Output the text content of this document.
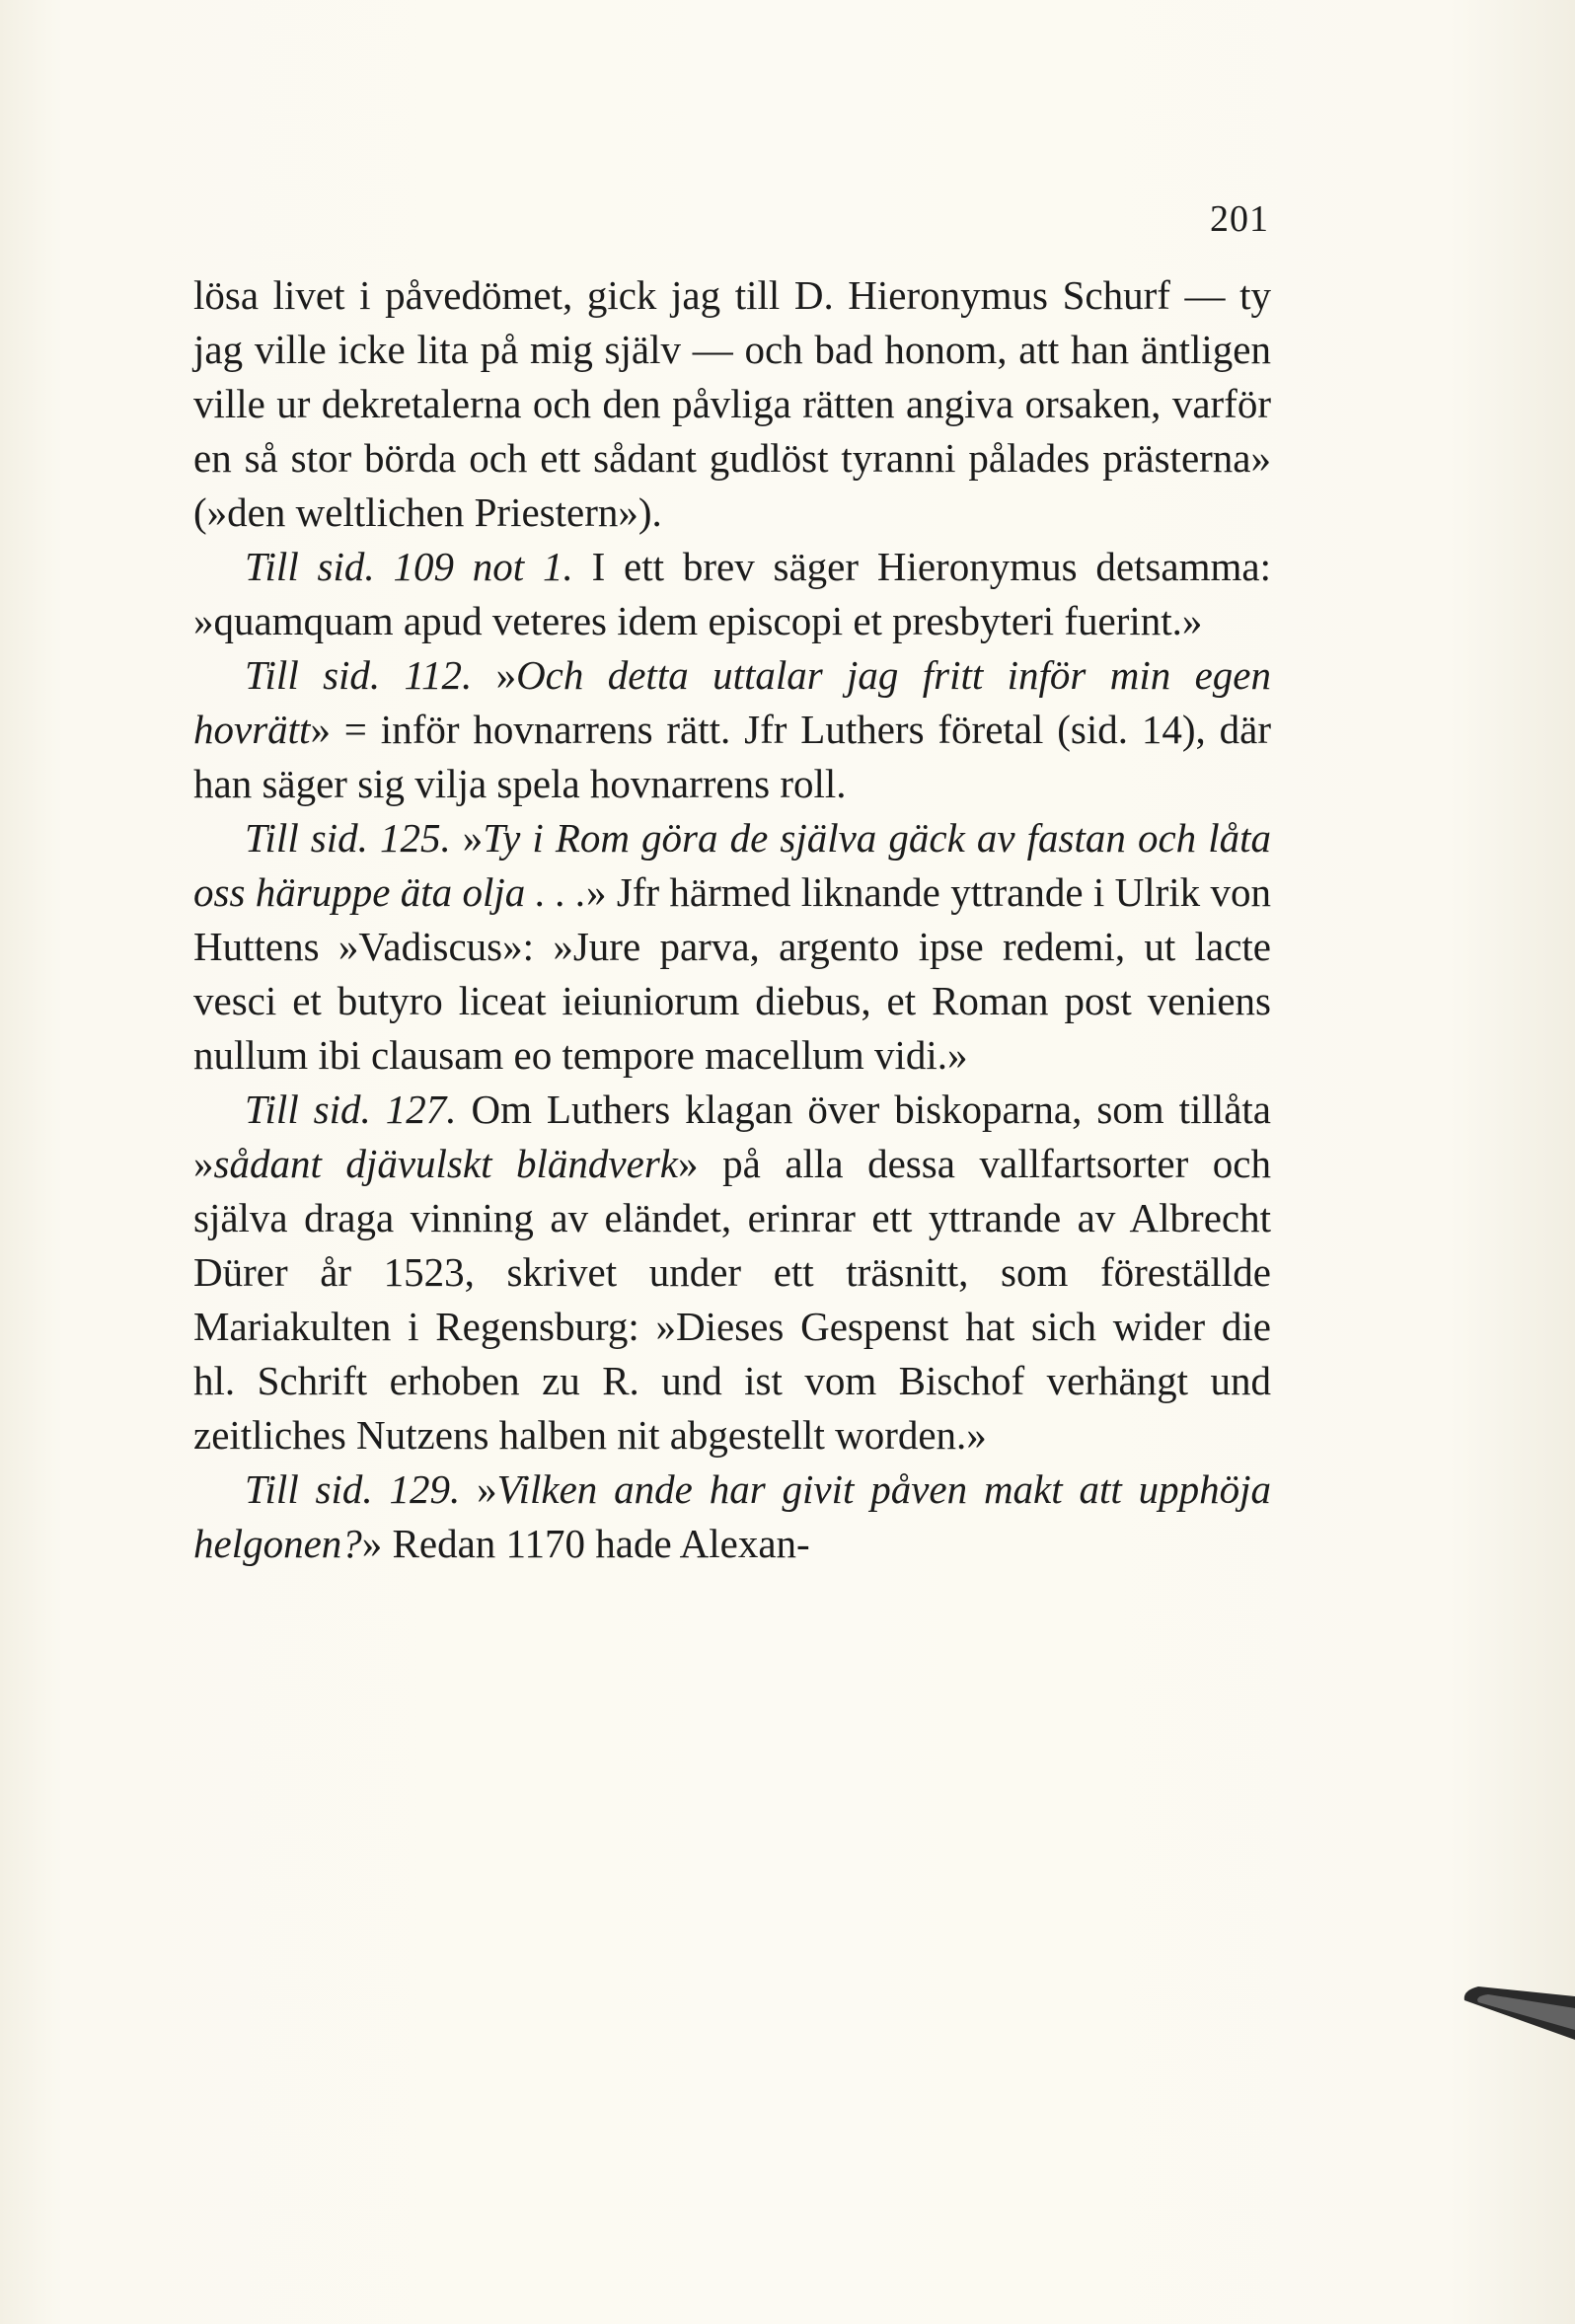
201

lösa livet i påvedömet, gick jag till D. Hieronymus Schurf — ty jag ville icke lita på mig själv — och bad honom, att han äntligen ville ur dekretalerna och den påvliga rätten angiva orsaken, varför en så stor börda och ett sådant gudlöst tyranni pålades prästerna» (»den weltlichen Priestern»).

Till sid. 109 not 1. I ett brev säger Hieronymus detsamma: »quamquam apud veteres idem episcopi et presbyteri fuerint.»

Till sid. 112. »Och detta uttalar jag fritt inför min egen hovrätt» = inför hovnarrens rätt. Jfr Luthers företal (sid. 14), där han säger sig vilja spela hovnarrens roll.

Till sid. 125. »Ty i Rom göra de själva gäck av fastan och låta oss häruppe äta olja . . .» Jfr härmed liknande yttrande i Ulrik von Huttens »Vadiscus»: »Jure parva, argento ipse redemi, ut lacte vesci et butyro liceat ieiuniorum diebus, et Roman post veniens nullum ibi clausam eo tempore macellum vidi.»

Till sid. 127. Om Luthers klagan över biskoparna, som tillåta »sådant djävulskt bländverk» på alla dessa vallfartsorter och själva draga vinning av eländet, erinrar ett yttrande av Albrecht Dürer år 1523, skrivet under ett träsnitt, som föreställde Mariakulten i Regensburg: »Dieses Gespenst hat sich wider die hl. Schrift erhoben zu R. und ist vom Bischof verhängt und zeitliches Nutzens halben nit abgestellt worden.»

Till sid. 129. »Vilken ande har givit påven makt att upphöja helgonen?» Redan 1170 hade Alexan-
